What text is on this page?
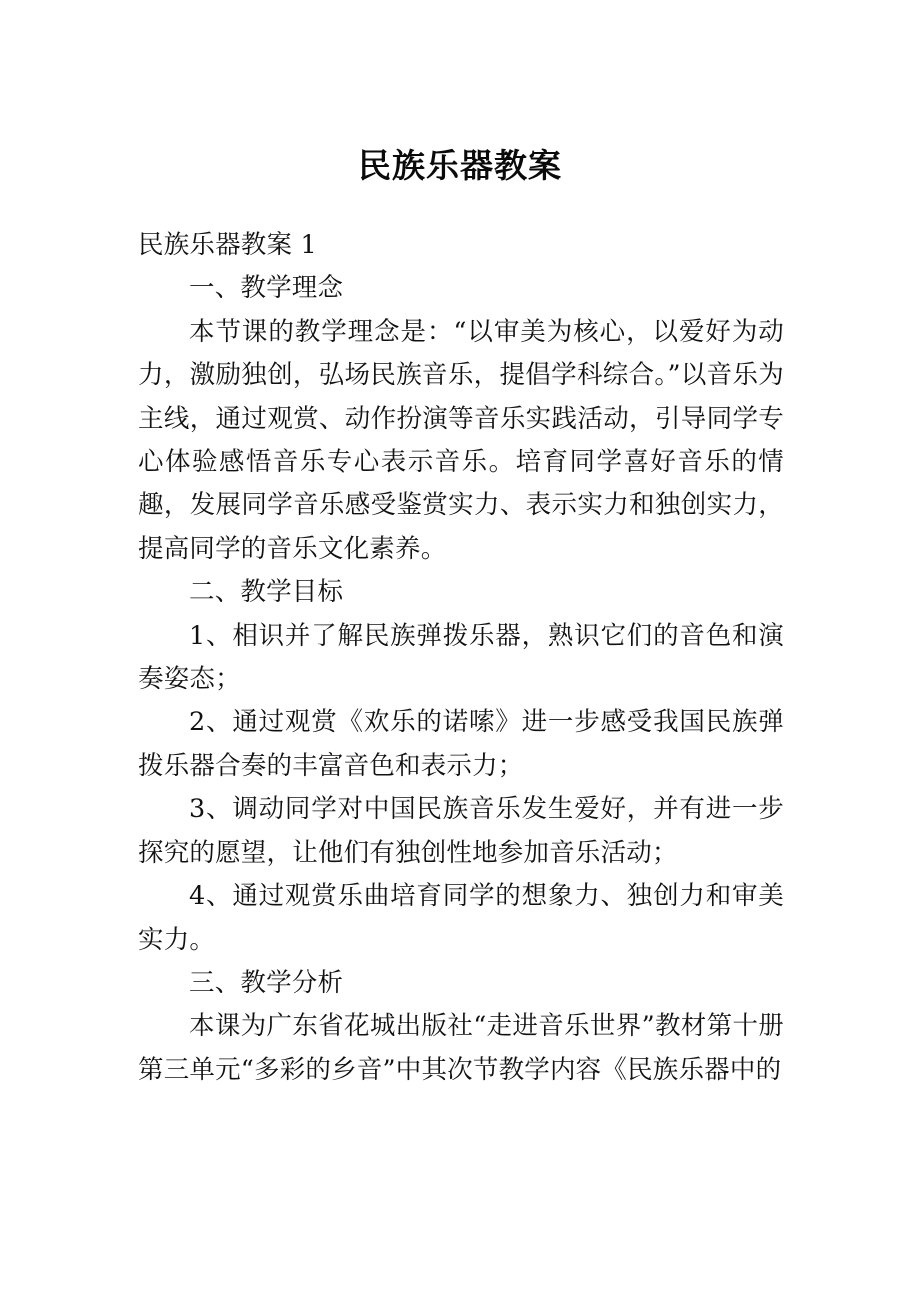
民族乐器教案

民族乐器教案 1

一、教学理念

本节课的教学理念是：“以审美为核心，以爱好为动力，激励独创，弘场民族音乐，提倡学科综合。”以音乐为主线，通过观赏、动作扮演等音乐实践活动，引导同学专心体验感悟音乐专心表示音乐。培育同学喜好音乐的情趣，发展同学音乐感受鉴赏实力、表示实力和独创实力，提高同学的音乐文化素养。

二、教学目标

1、相识并了解民族弹拨乐器，熟识它们的音色和演奏姿态；

2、通过观赏《欢乐的诺嗦》进一步感受我国民族弹拨乐器合奏的丰富音色和表示力；

3、调动同学对中国民族音乐发生爱好，并有进一步探究的愿望，让他们有独创性地参加音乐活动；

4、通过观赏乐曲培育同学的想象力、独创力和审美实力。

三、教学分析

本课为广东省花城出版社“走进音乐世界”教材第十册第三单元“多彩的乡音”中其次节教学内容《民族乐器中的
